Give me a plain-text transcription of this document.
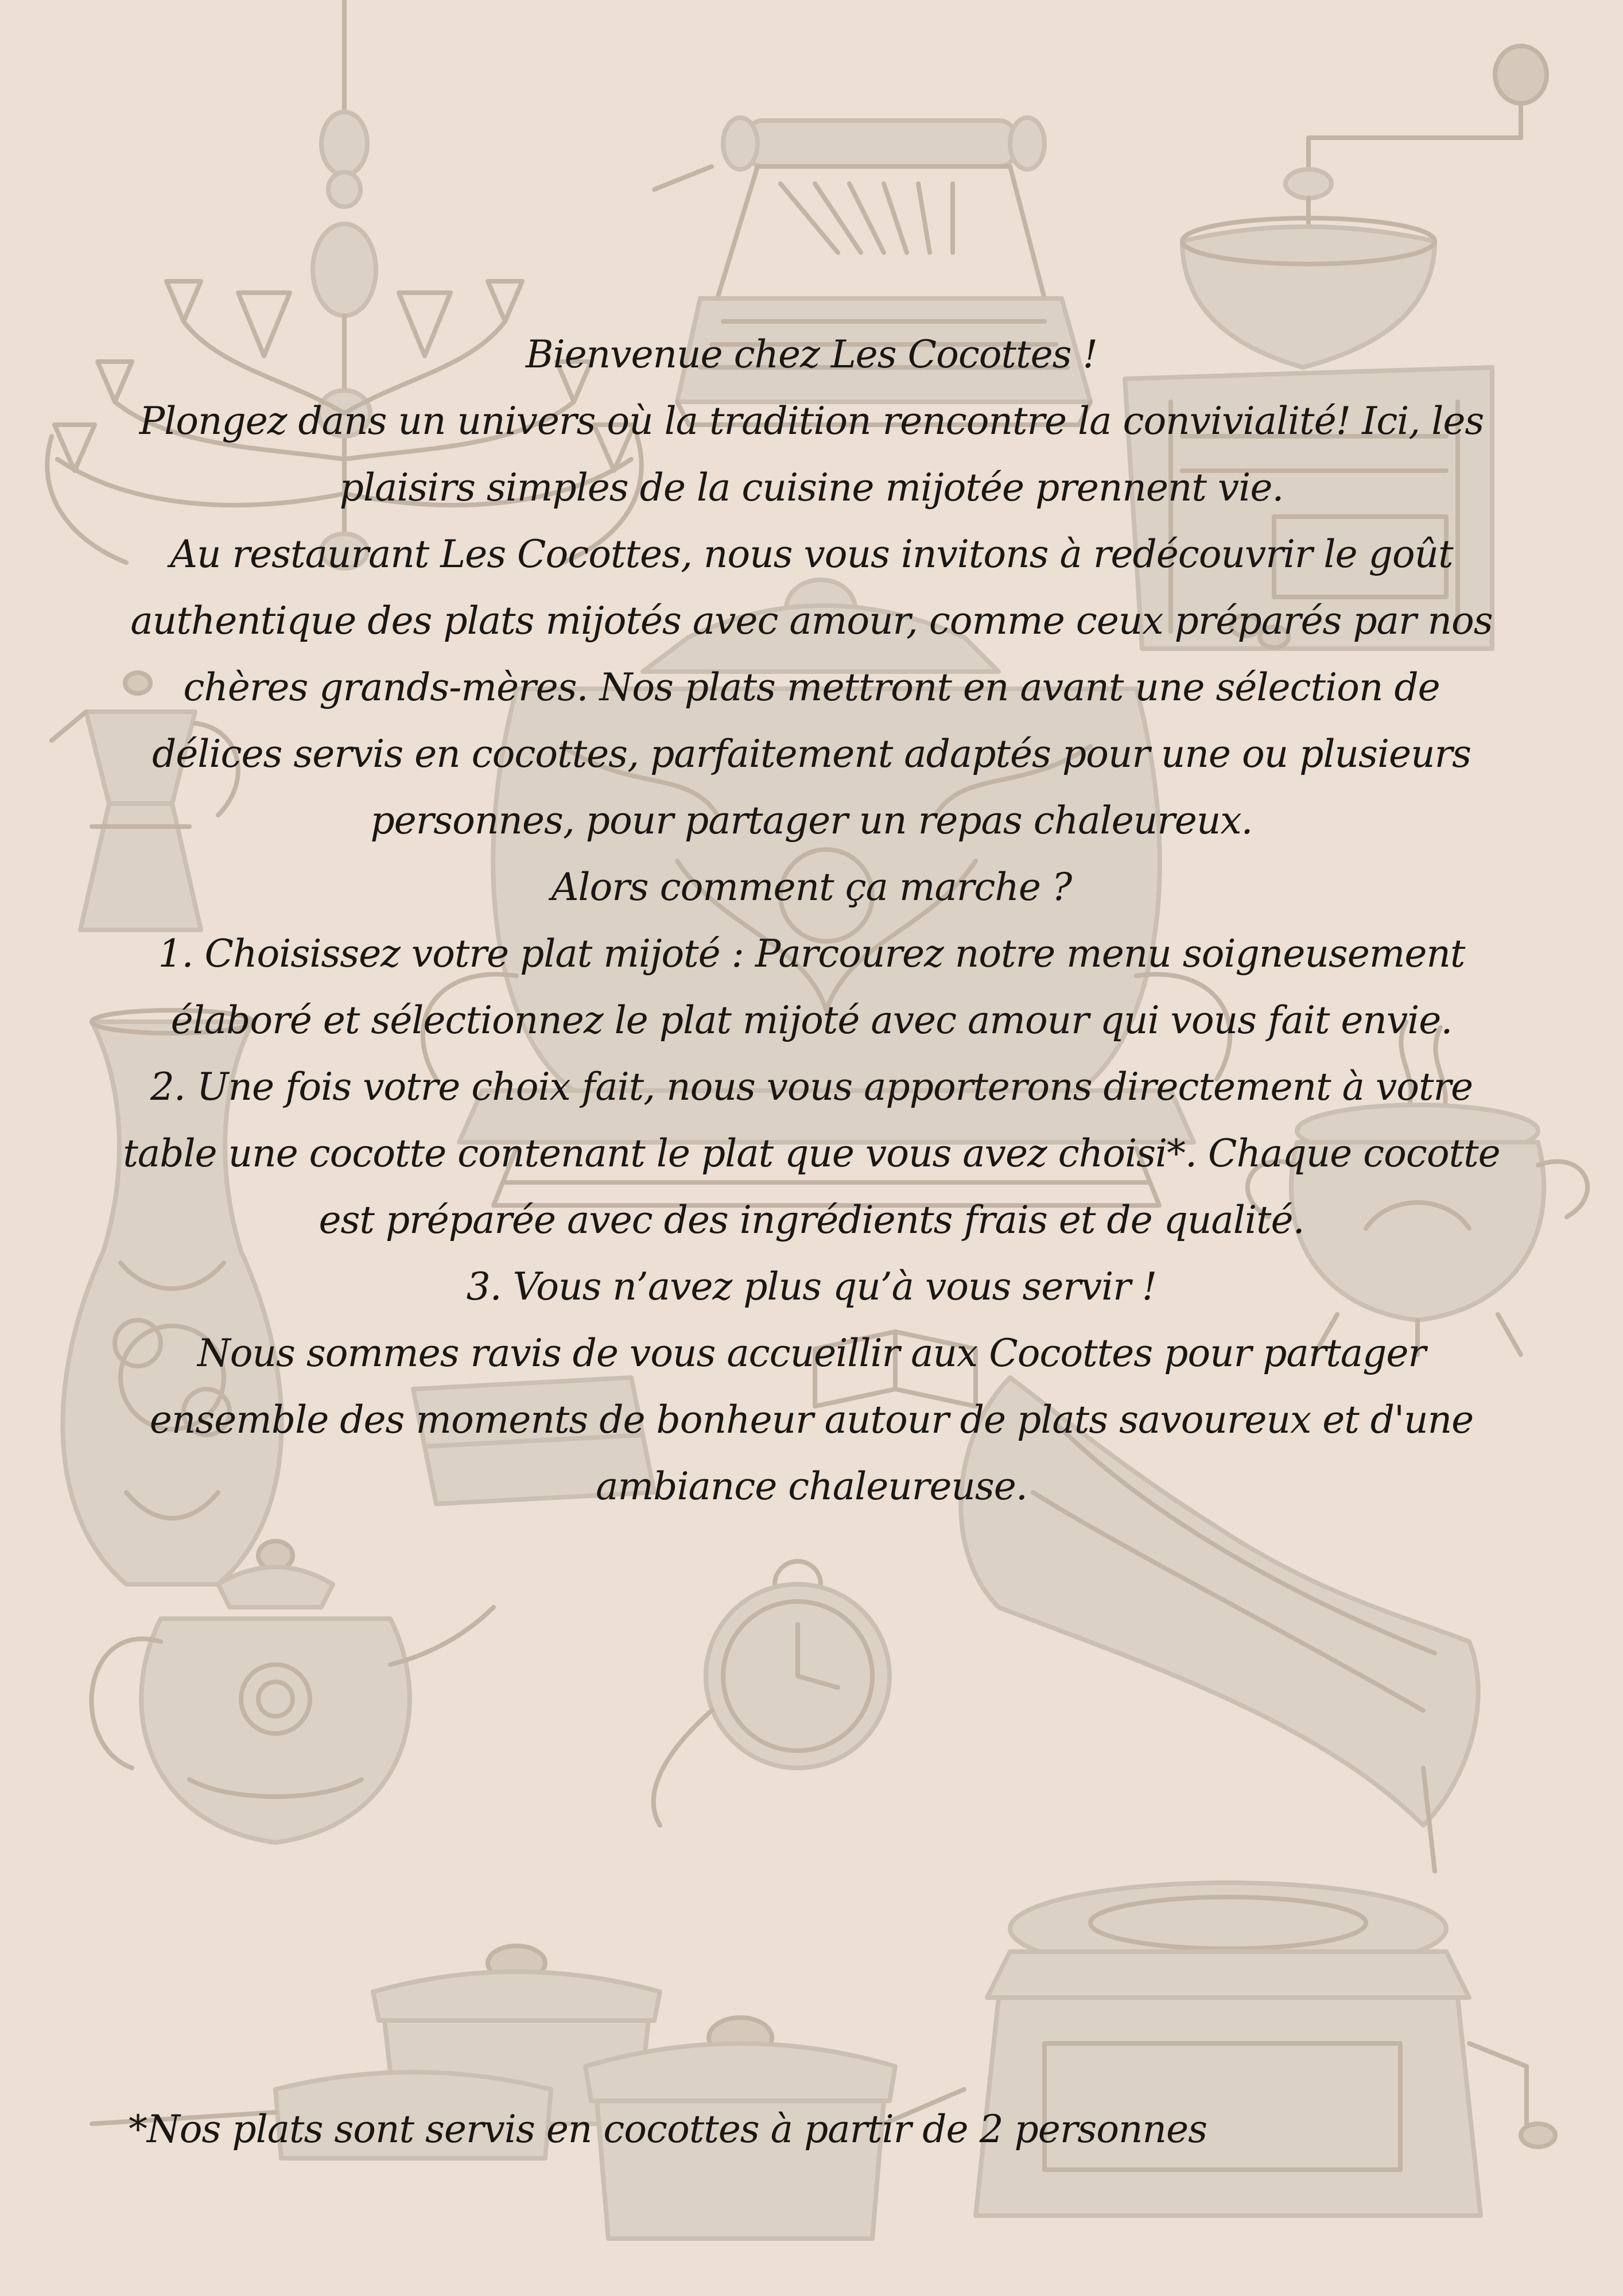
Bienvenue chez Les Cocottes !

Plongez dans un univers où la tradition rencontre la convivialité! Ici, les plaisirs simples de la cuisine mijotée prennent vie.

Au restaurant Les Cocottes, nous vous invitons à redécouvrir le goût authentique des plats mijotés avec amour, comme ceux préparés par nos chères grands-mères. Nos plats mettront en avant une sélection de délices servis en cocottes, parfaitement adaptés pour une ou plusieurs personnes, pour partager un repas chaleureux.

Alors comment ça marche ?

1. Choisissez votre plat mijoté : Parcourez notre menu soigneusement élaboré et sélectionnez le plat mijoté avec amour qui vous fait envie.

2. Une fois votre choix fait, nous vous apporterons directement à votre table une cocotte contenant le plat que vous avez choisi*. Chaque cocotte est préparée avec des ingrédients frais et de qualité.

3. Vous n’avez plus qu’à vous servir !

Nous sommes ravis de vous accueillir aux Cocottes pour partager ensemble des moments de bonheur autour de plats savoureux et d'une ambiance chaleureuse.

*Nos plats sont servis en cocottes à partir de 2 personnes
